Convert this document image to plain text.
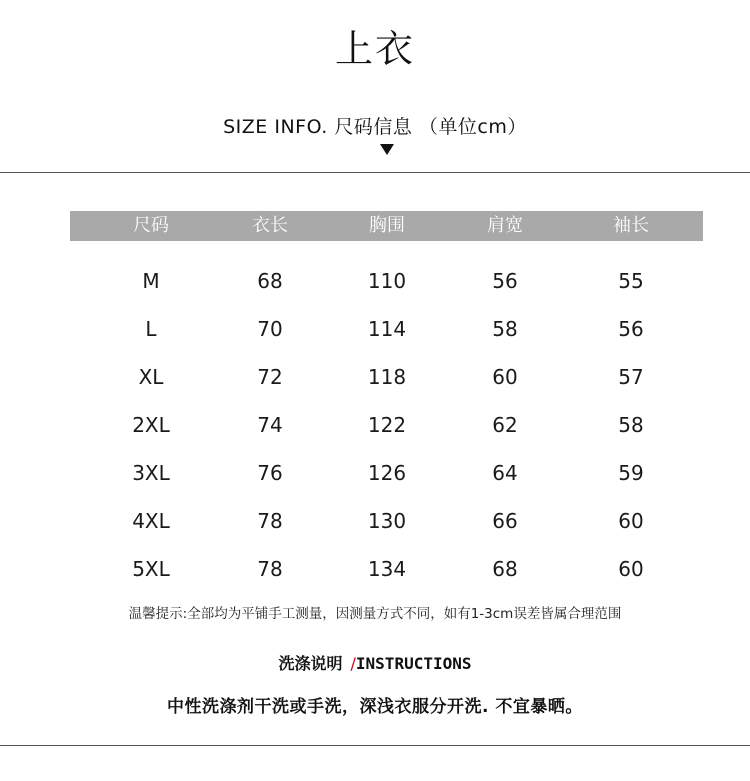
上衣
SIZE INFO. 尺码信息 （单位cm）
尺码	衣长	胸围	肩宽	袖长
M	68	110	56	55
L	70	114	58	56
XL	72	118	60	57
2XL	74	122	62	58
3XL	76	126	64	59
4XL	78	130	66	60
5XL	78	134	68	60
温馨提示:全部均为平铺手工测量，因测量方式不同，如有1-3cm误差皆属合理范围
洗涤说明 /INSTRUCTIONS
中性洗涤剂干洗或手洗，深浅衣服分开洗. 不宜暴晒。
